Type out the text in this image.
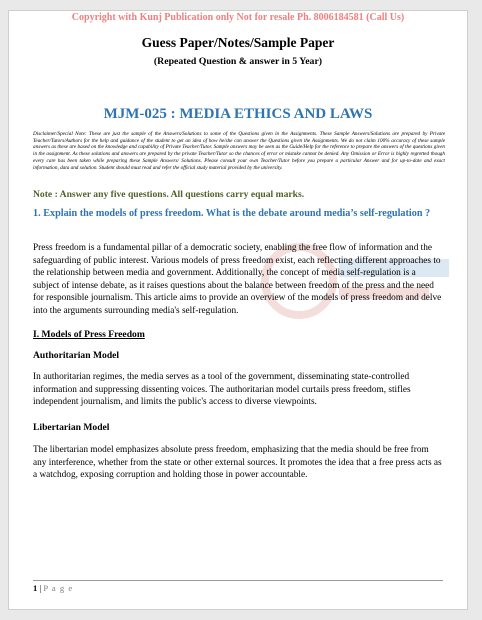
Copyright with Kunj Publication only Not for resale Ph. 8006184581 (Call Us)
Guess Paper/Notes/Sample Paper
(Repeated Question & answer in 5 Year)
MJM-025 : MEDIA ETHICS AND LAWS
Disclaimer/Special Note: These are just the sample of the Answers/Solutions to some of the Questions given in the Assignments. These Sample Answers/Solutions are prepared by Private Teacher/Tutors/Authors for the help and guidance of the student to get an idea of how he/she can answer the Questions given the Assignments. We do not claim 100% accuracy of these sample answers as these are based on the knowledge and capability of Private Teacher/Tutor. Sample answers may be seen as the Guide/Help for the reference to prepare the answers of the questions given in the assignment. As these solutions and answers are prepared by the private Teacher/Tutor so the chances of error or mistake cannot be denied. Any Omission or Error is highly regretted though every care has been taken while preparing these Sample Answers/ Solutions. Please consult your own Teacher/Tutor before you prepare a particular Answer and for up-to-date and exact information, data and solution. Student should must read and refer the official study material provided by the university.
Note : Answer any five questions. All questions carry equal marks.
1. Explain the models of press freedom. What is the debate around media’s self-regulation ?
Press freedom is a fundamental pillar of a democratic society, enabling the free flow of information and the safeguarding of public interest. Various models of press freedom exist, each reflecting different approaches to the relationship between media and government. Additionally, the concept of media self-regulation is a subject of intense debate, as it raises questions about the balance between freedom of the press and the need for responsible journalism. This article aims to provide an overview of the models of press freedom and delve into the arguments surrounding media's self-regulation.
I. Models of Press Freedom
Authoritarian Model
In authoritarian regimes, the media serves as a tool of the government, disseminating state-controlled information and suppressing dissenting voices. The authoritarian model curtails press freedom, stifles independent journalism, and limits the public's access to diverse viewpoints.
Libertarian Model
The libertarian model emphasizes absolute press freedom, emphasizing that the media should be free from any interference, whether from the state or other external sources. It promotes the idea that a free press acts as a watchdog, exposing corruption and holding those in power accountable.
1 | P a g e
